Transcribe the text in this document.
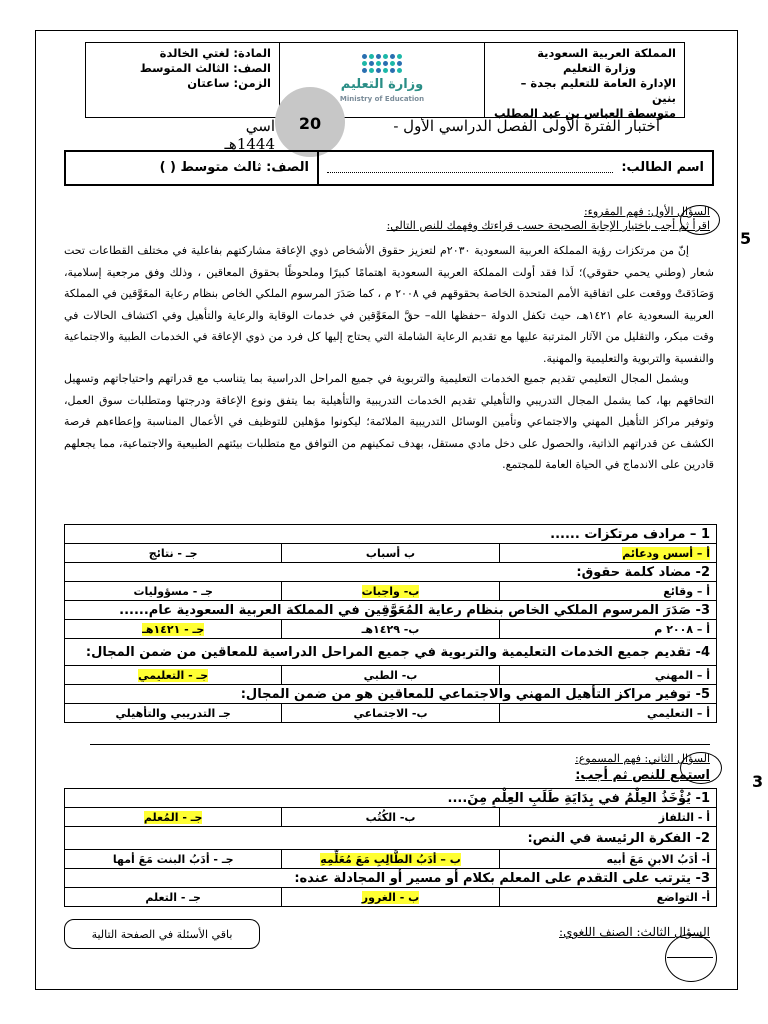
المملكة العربية السعودية
وزارة التعليم
الإدارة العامة للتعليم بجدة – بنين
متوسطة العباس بن عبد المطلب
وزارة التعليم
Ministry of Education
المادة: لغتي الخالدة
الصف: الثالث المتوسط
الزمن: ساعتان
20	اختبار الفترة الأولى الفصل الدراسي الأول -
اسي 1444هـ
اسم الطالب:
الصف: ثالث متوسط ( )
السؤال الأول: فهم المقروء:
اقرأ ثم أجب باختيار الإجابة الصحيحة حسب قراءتك وفهمك للنص التالي:
5
إنّ من مرتكزات رؤية المملكة العربية السعودية ٢٠٣٠م لتعزيز حقوق الأشخاص ذوي الإعاقة مشاركتهم بفاعلية في مختلف القطاعات تحت شعار (وطني يحمي حقوقي)؛ لَذا فقد أولت المملكة العربية السعودية اهتمامًا كبيرًا وملحوظًا بحقوق المعاقين ، وذلك وفق مرجعية إسلامية، وَصَادَقتْ ووقعت على اتفاقية الأمم المتحدة الخاصة بحقوقهم في ٢٠٠٨ م ، كما صَدَرَ المرسوم الملكي الخاص بنظام رعاية المعَوَّقين في المملكة العربية السعودية عام ١٤٢١هـ، حيث تكفل الدولة –حفظها الله– حقَّ المعَوَّقين في خدمات الوقاية والرعاية والتأهيل وفي اكتشاف الحالات في وقت مبكر، والتقليل من الآثار المترتبة عليها مع تقديم الرعاية الشاملة التي يحتاج إليها كل فرد من ذوي الإعاقة في الخدمات الطبية والاجتماعية والنفسية والتربوية والتعليمية والمهنية.
ويشمل المجال التعليمي تقديم جميع الخدمات التعليمية والتربوية في جميع المراحل الدراسية بما يتناسب مع قدراتهم واحتياجاتهم وتسهيل التحاقهم بها، كما يشمل المجال التدريبي والتأهيلي تقديم الخدمات التدريبية والتأهيلية بما يتفق ونوع الإعاقة ودرجتها ومتطلبات سوق العمل، وتوفير مراكز التأهيل المهني والاجتماعي وتأمين الوسائل التدريبية الملائمة؛ ليكونوا مؤهلين للتوظيف في الأعمال المناسبة وإعطاءهم فرصة الكشف عن قدراتهم الذاتية، والحصول على دخل مادي مستقل، بهدف تمكينهم من التوافق مع متطلبات بيئتهم الطبيعية والاجتماعية، مما يجعلهم قادرين على الاندماج في الحياة العامة للمجتمع.
1 – مرادف مرتكزات ......		
أ – أسس ودعائم	ب أسباب	جـ - نتائج
2- مضاد كلمة حقوق:		
أ – وقائع	ب- واجبات	جـ - مسؤوليات
3- صَدَرَ المرسوم الملكي الخاص بنظام رعاية المُعَوَّقِين في المملكة العربية السعودية عام......		
أ – ٢٠٠٨ م	ب- ١٤٢٩هـ	جـ - ١٤٢١هـ
4- تقديم جميع الخدمات التعليمية والتربوية في جميع المراحل الدراسية للمعاقين من ضمن المجال:		
أ – المهني	ب- الطبي	جـ - التعليمي
5- توفير مراكز التأهيل المهني والاجتماعي للمعاقين هو من ضمن المجال:		
أ – التعليمي	ب- الاجتماعي	جـ التدريبي والتأهيلي
السؤال الثاني: فهم المسموع:
استمع للنص ثم أجب:	3
1- يُؤْخَذُ العِلْمُ في بِدَايَةِ طَلَبِ العِلْمِ مِنَ....		
أ - التلفاز	ب- الكُتُب	جـ - المُعلم
2- الفكرة الرئيسة في النص:		
أ- أدَبُ الابنِ مَعَ أبيه	ب – أدَبُ الطَّالِبِ مَعَ مُعَلِّمِهِ	جـ - أدَبُ البنت مَعَ أمها
3- يترتب على التقدم على المعلم بكلام أو مسير أو المجادلة عنده:		
أ- التواضع	ب - الغرور	جـ - التعلم
باقي الأسئلة في الصفحة التالية	السؤال الثالث: الصنف اللغوي:
